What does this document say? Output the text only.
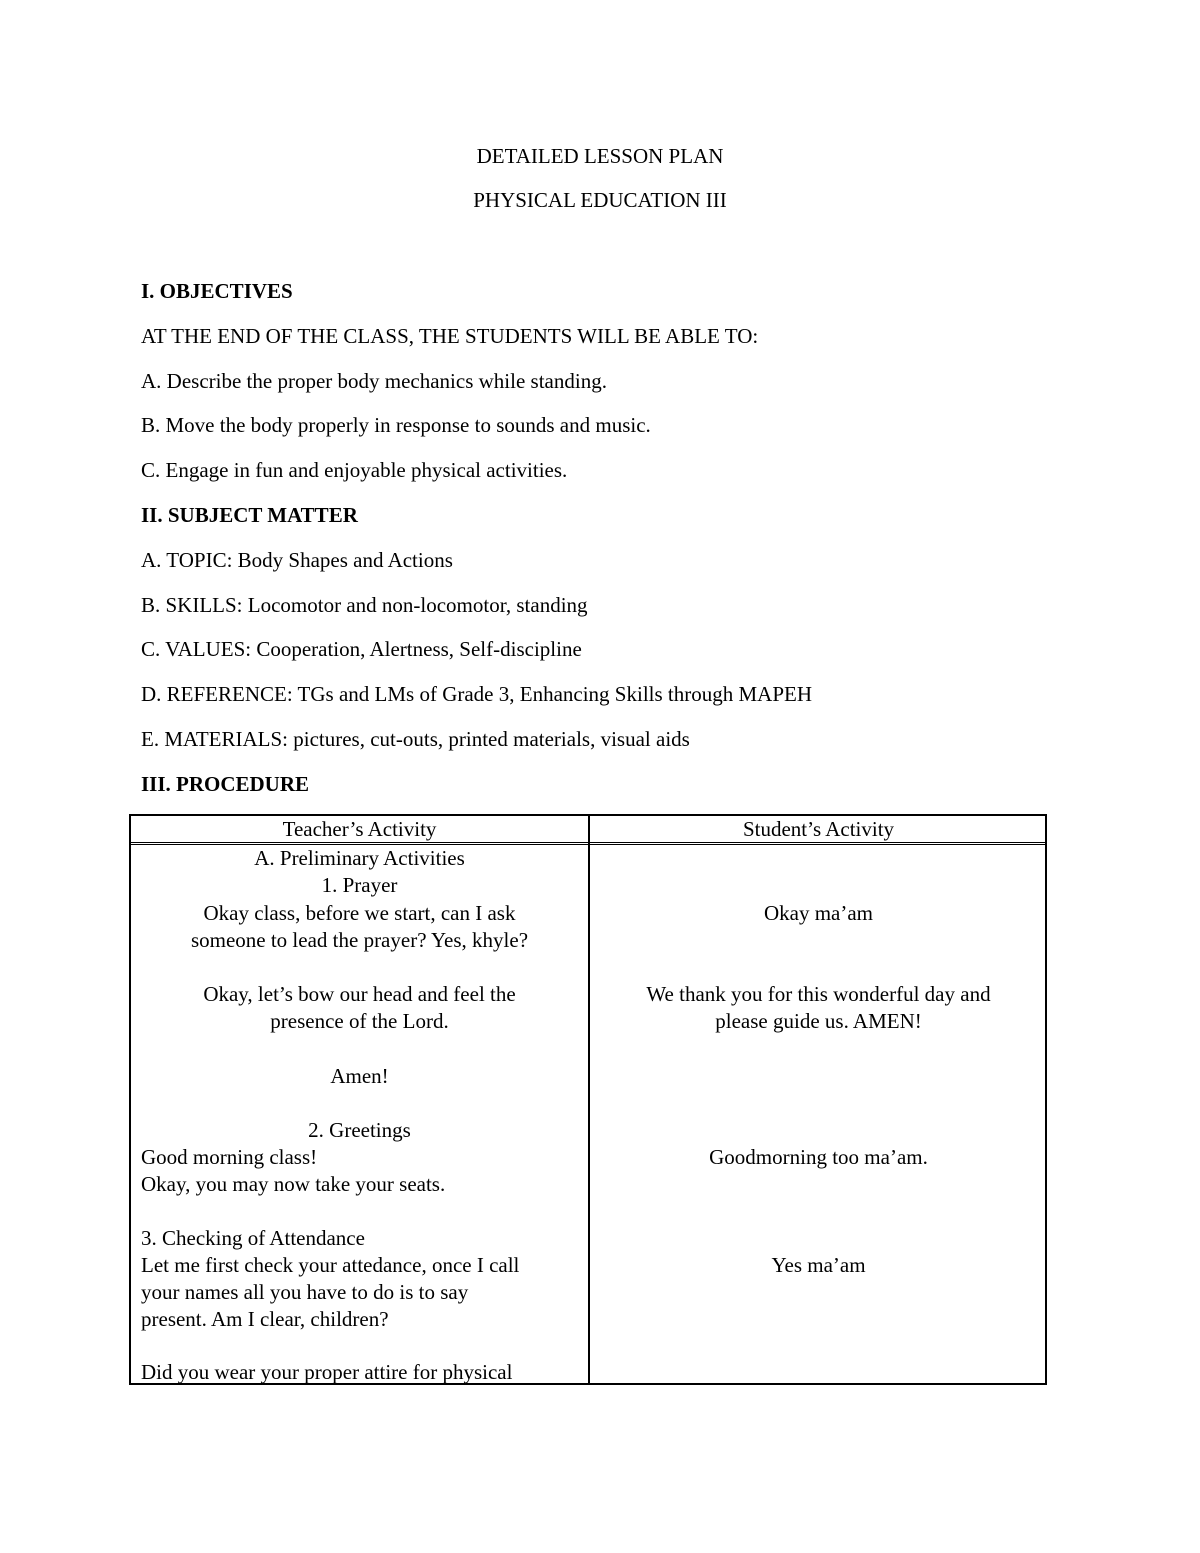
DETAILED LESSON PLAN
PHYSICAL EDUCATION III
I. OBJECTIVES
AT THE END OF THE CLASS, THE STUDENTS WILL BE ABLE TO:
A. Describe the proper body mechanics while standing.
B. Move the body properly in response to sounds and music.
C. Engage in fun and enjoyable physical activities.
II. SUBJECT MATTER
A. TOPIC: Body Shapes and Actions
B. SKILLS: Locomotor and non-locomotor, standing
C. VALUES: Cooperation, Alertness, Self-discipline
D. REFERENCE: TGs and LMs of Grade 3, Enhancing Skills through MAPEH
E. MATERIALS: pictures, cut-outs, printed materials, visual aids
III. PROCEDURE
Teacher’s Activity	Student’s Activity
A. Preliminary Activities
1. Prayer
Okay class, before we start, can I ask
someone to lead the prayer? Yes, khyle?
Okay, let’s bow our head and feel the
presence of the Lord.
Amen!
2. Greetings
Good morning class!
Okay, you may now take your seats.
3. Checking of Attendance
Let me first check your attedance, once I call
your names all you have to do is to say
present. Am I clear, children?
Did you wear your proper attire for physical
Okay ma’am
We thank you for this wonderful day and
please guide us. AMEN!
Goodmorning too ma’am.
Yes ma’am
